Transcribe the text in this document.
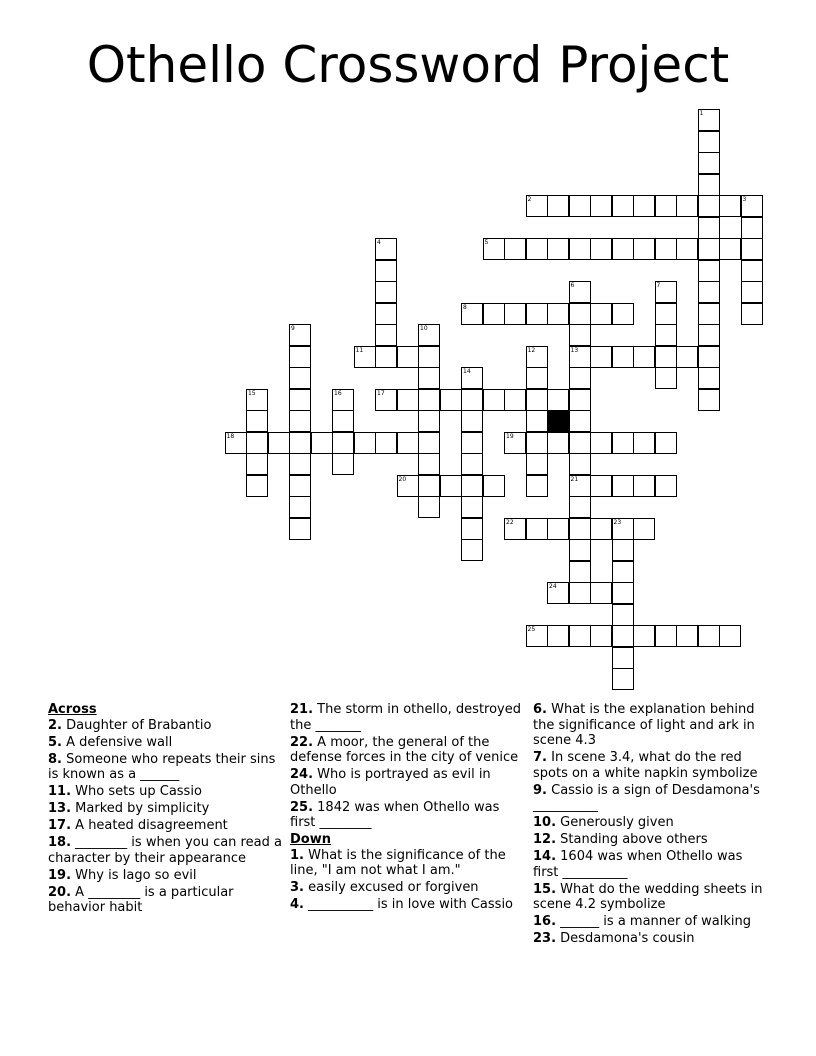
Othello Crossword Project
1
2	3
4	5
6
13
21
7
8
9	10
11	12
14
15	16	17
18	19
20
22	23
24
25
Across
2. Daughter of Brabantio
5. A defensive wall
8. Someone who repeats their sins is known as a ______
11. Who sets up Cassio
13. Marked by simplicity
17. A heated disagreement
18. ________ is when you can read a character by their appearance
19. Why is Iago so evil
20. A ________ is a particular behavior habit
21. The storm in othello, destroyed the _______
22. A moor, the general of the defense forces in the city of venice
24. Who is portrayed as evil in Othello
25. 1842 was when Othello was first ________
Down
1. What is the significance of the line, "I am not what I am."
3. easily excused or forgiven
4. __________ is in love with Cassio
6. What is the explanation behind the significance of light and ark in scene 4.3
7. In scene 3.4, what do the red spots on a white napkin symbolize
9. Cassio is a sign of Desdamona's __________
10. Generously given
12. Standing above others
14. 1604 was when Othello was first __________
15. What do the wedding sheets in scene 4.2 symbolize
16. ______ is a manner of walking
23. Desdamona's cousin
